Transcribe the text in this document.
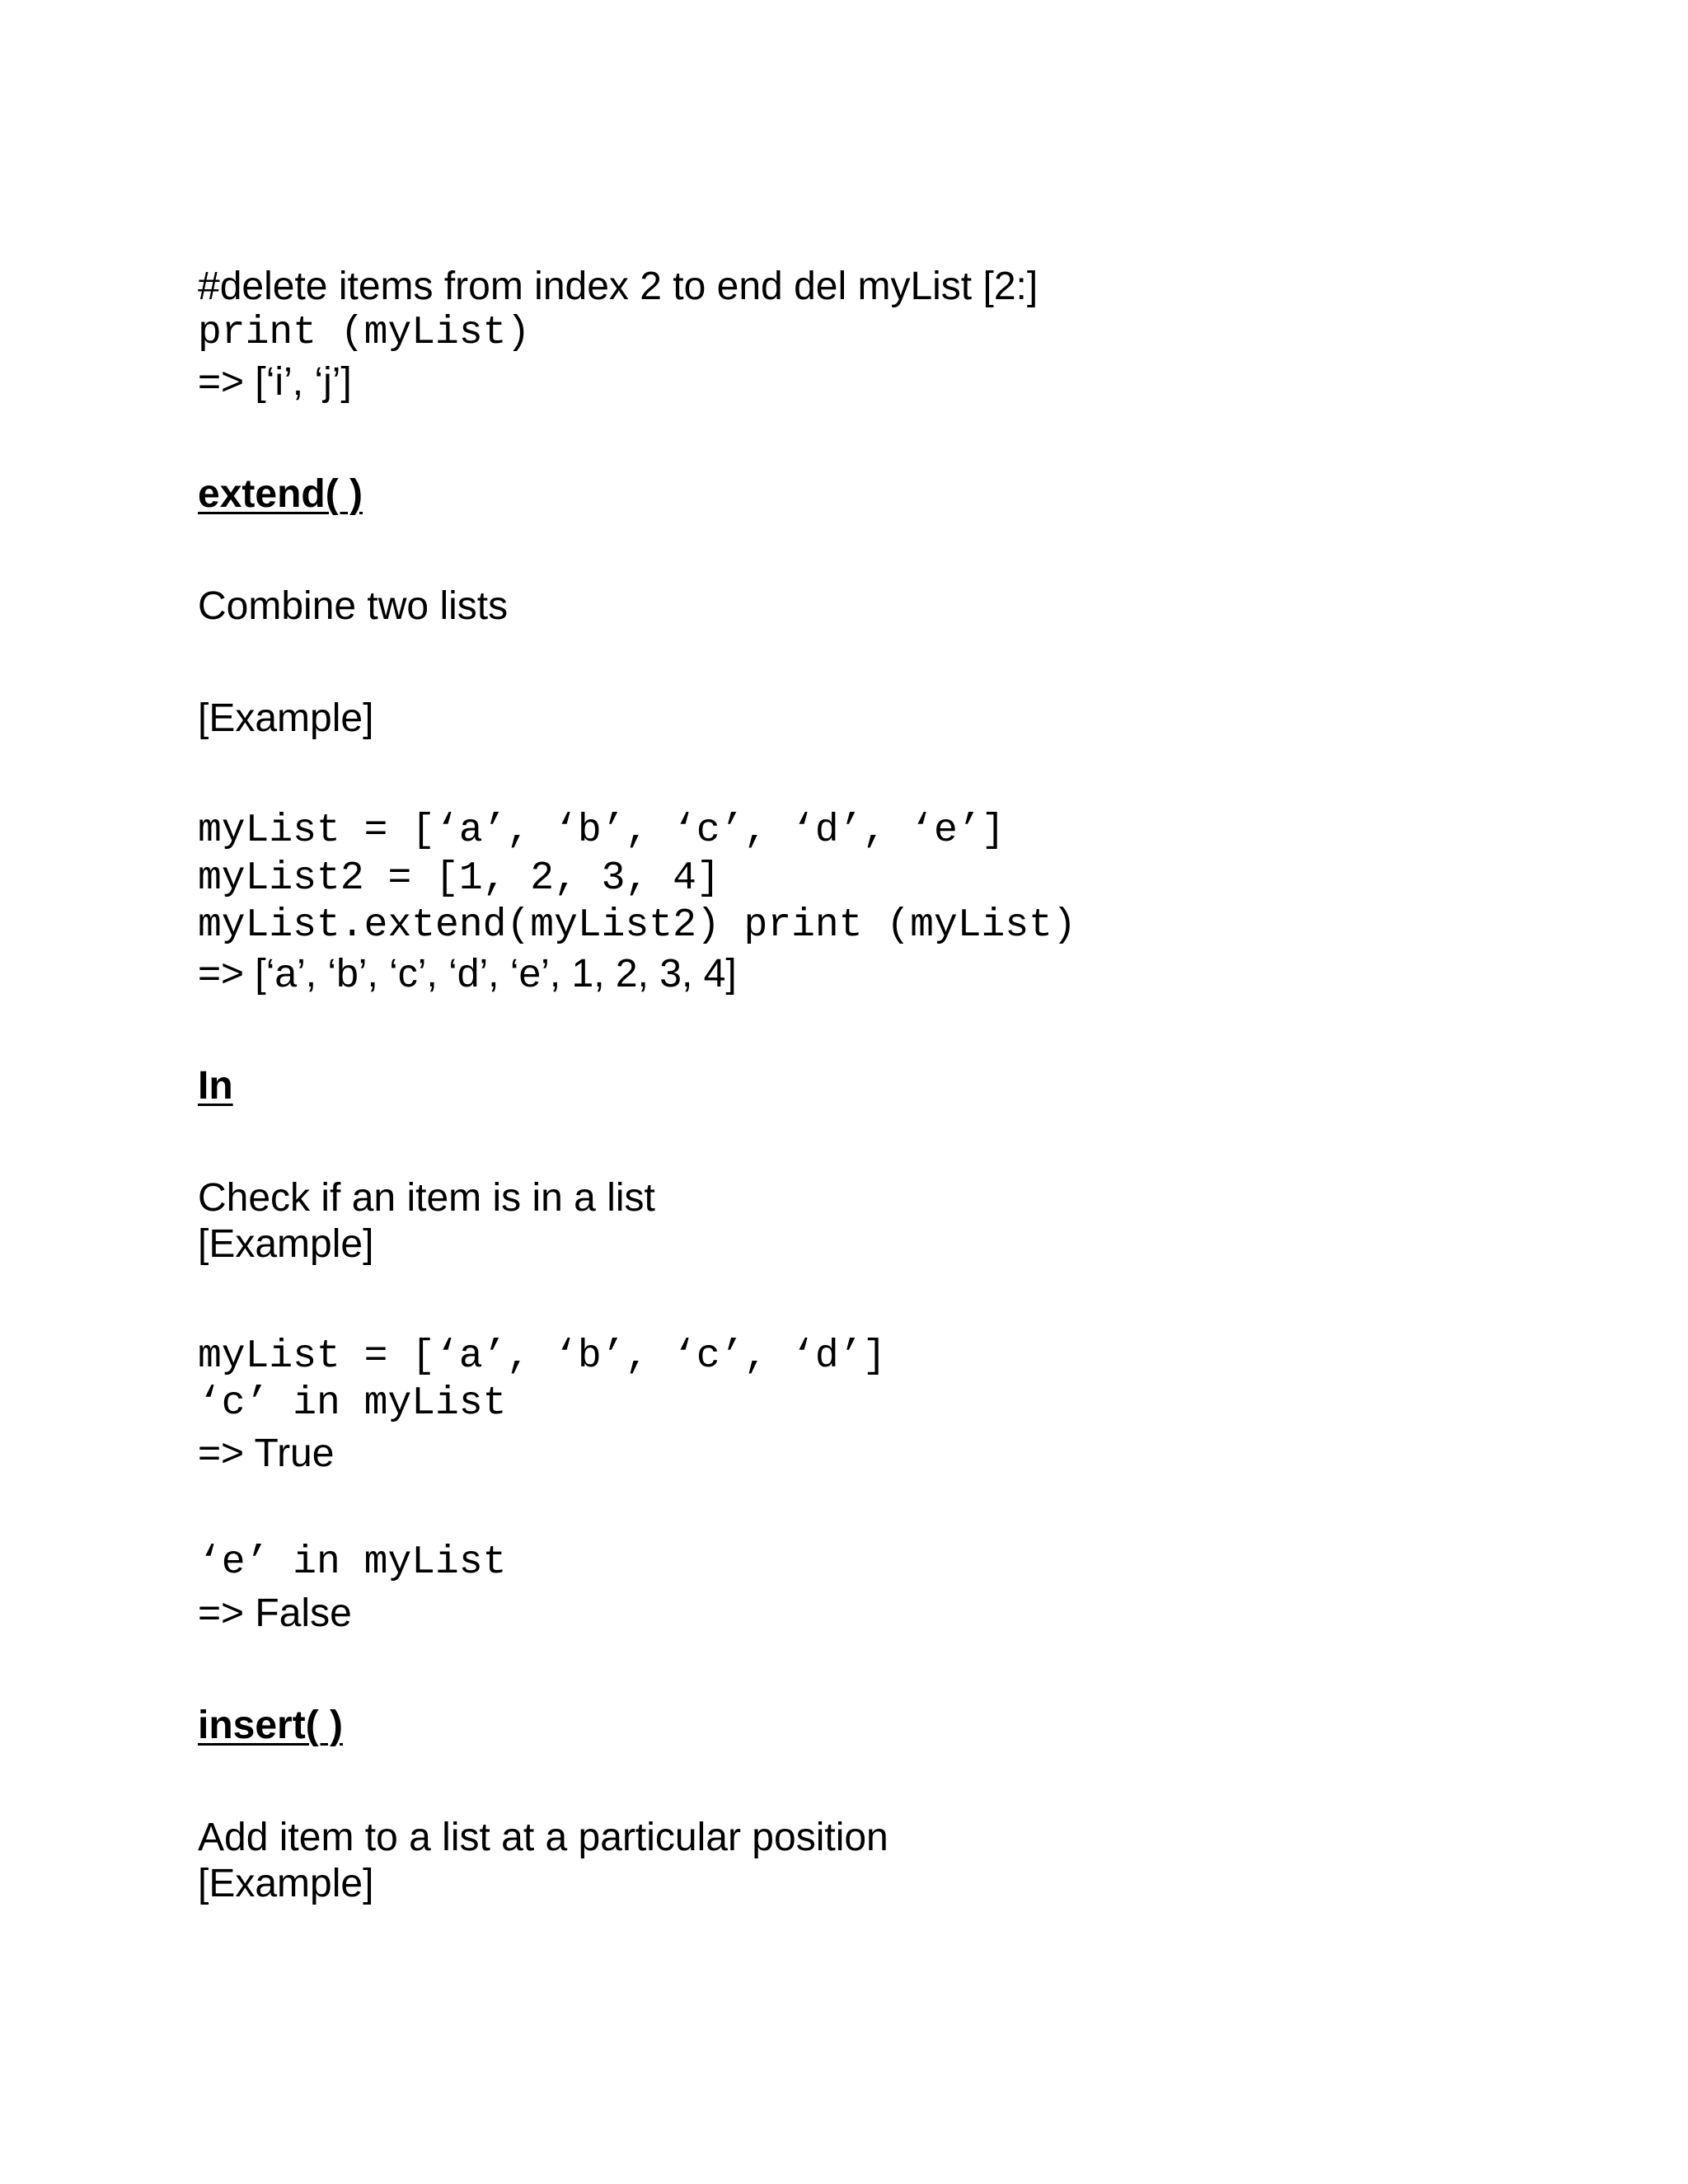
#delete items from index 2 to end del myList [2:]
print (myList)
=> [‘i’, ‘j’]
extend( )
Combine two lists
[Example]
myList = [‘a’, ‘b’, ‘c’, ‘d’, ‘e’]
myList2 = [1, 2, 3, 4]
myList.extend(myList2) print (myList)
=> [‘a’, ‘b’, ‘c’, ‘d’, ‘e’, 1, 2, 3, 4]
In
Check if an item is in a list
[Example]
myList = [‘a’, ‘b’, ‘c’, ‘d’]
‘c’ in myList
=> True
‘e’ in myList
=> False
insert( )
Add item to a list at a particular position
[Example]
